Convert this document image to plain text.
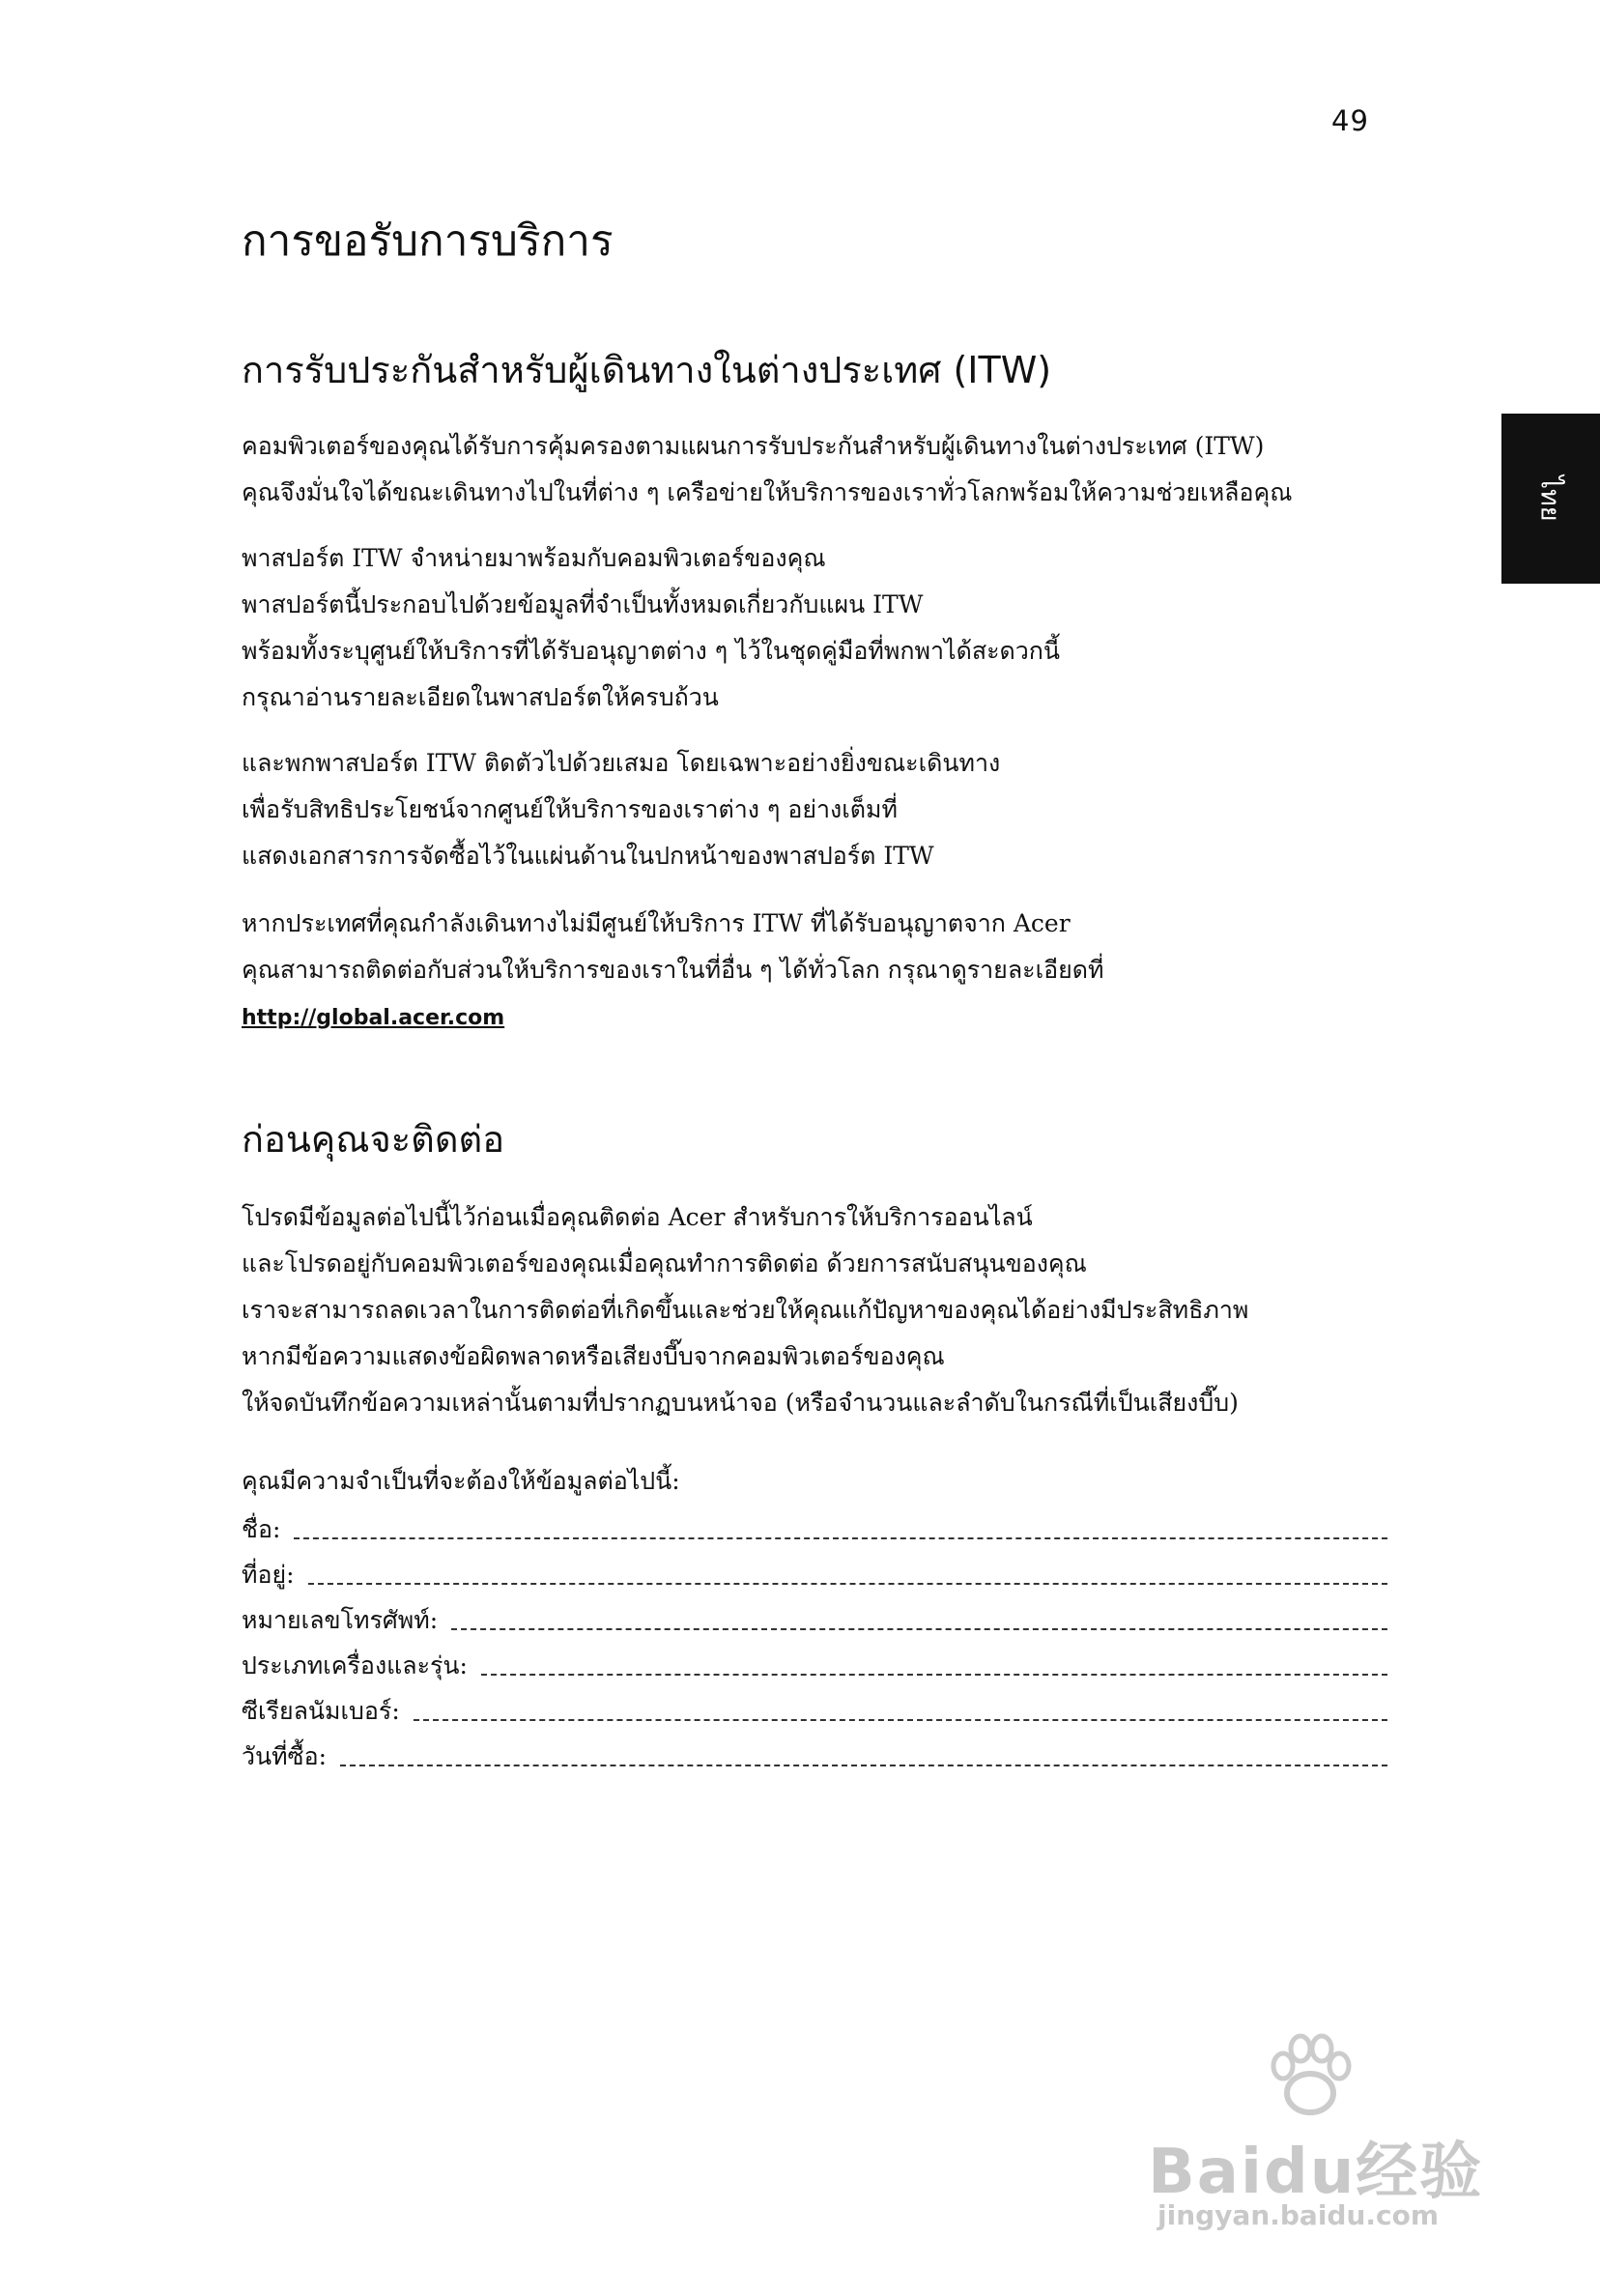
49
ไทย
การขอรับการบริการ
การรับประกันสำหรับผู้เดินทางในต่างประเทศ (ITW)
คอมพิวเตอร์ของคุณได้รับการคุ้มครองตามแผนการรับประกันสำหรับผู้เดินทางในต่างประเทศ (ITW)
คุณจึงมั่นใจได้ขณะเดินทางไปในที่ต่าง ๆ เครือข่ายให้บริการของเราทั่วโลกพร้อมให้ความช่วยเหลือคุณ
พาสปอร์ต ITW จำหน่ายมาพร้อมกับคอมพิวเตอร์ของคุณ
พาสปอร์ตนี้ประกอบไปด้วยข้อมูลที่จำเป็นทั้งหมดเกี่ยวกับแผน ITW
พร้อมทั้งระบุศูนย์ให้บริการที่ได้รับอนุญาตต่าง ๆ ไว้ในชุดคู่มือที่พกพาได้สะดวกนี้
กรุณาอ่านรายละเอียดในพาสปอร์ตให้ครบถ้วน
และพกพาสปอร์ต ITW ติดตัวไปด้วยเสมอ โดยเฉพาะอย่างยิ่งขณะเดินทาง
เพื่อรับสิทธิประโยชน์จากศูนย์ให้บริการของเราต่าง ๆ อย่างเต็มที่
แสดงเอกสารการจัดซื้อไว้ในแผ่นด้านในปกหน้าของพาสปอร์ต ITW
หากประเทศที่คุณกำลังเดินทางไม่มีศูนย์ให้บริการ ITW ที่ได้รับอนุญาตจาก Acer
คุณสามารถติดต่อกับส่วนให้บริการของเราในที่อื่น ๆ ได้ทั่วโลก กรุณาดูรายละเอียดที่
http://global.acer.com
ก่อนคุณจะติดต่อ
โปรดมีข้อมูลต่อไปนี้ไว้ก่อนเมื่อคุณติดต่อ Acer สำหรับการให้บริการออนไลน์
และโปรดอยู่กับคอมพิวเตอร์ของคุณเมื่อคุณทำการติดต่อ ด้วยการสนับสนุนของคุณ
เราจะสามารถลดเวลาในการติดต่อที่เกิดขึ้นและช่วยให้คุณแก้ปัญหาของคุณได้อย่างมีประสิทธิภาพ
หากมีข้อความแสดงข้อผิดพลาดหรือเสียงบี๊บจากคอมพิวเตอร์ของคุณ
ให้จดบันทึกข้อความเหล่านั้นตามที่ปรากฏบนหน้าจอ (หรือจำนวนและลำดับในกรณีที่เป็นเสียงบี๊บ)
คุณมีความจำเป็นที่จะต้องให้ข้อมูลต่อไปนี้:
ชื่อ:
ที่อยู่:
หมายเลขโทรศัพท์:
ประเภทเครื่องและรุ่น:
ซีเรียลนัมเบอร์:
วันที่ซื้อ:
Baidu经验
jingyan.baidu.com
